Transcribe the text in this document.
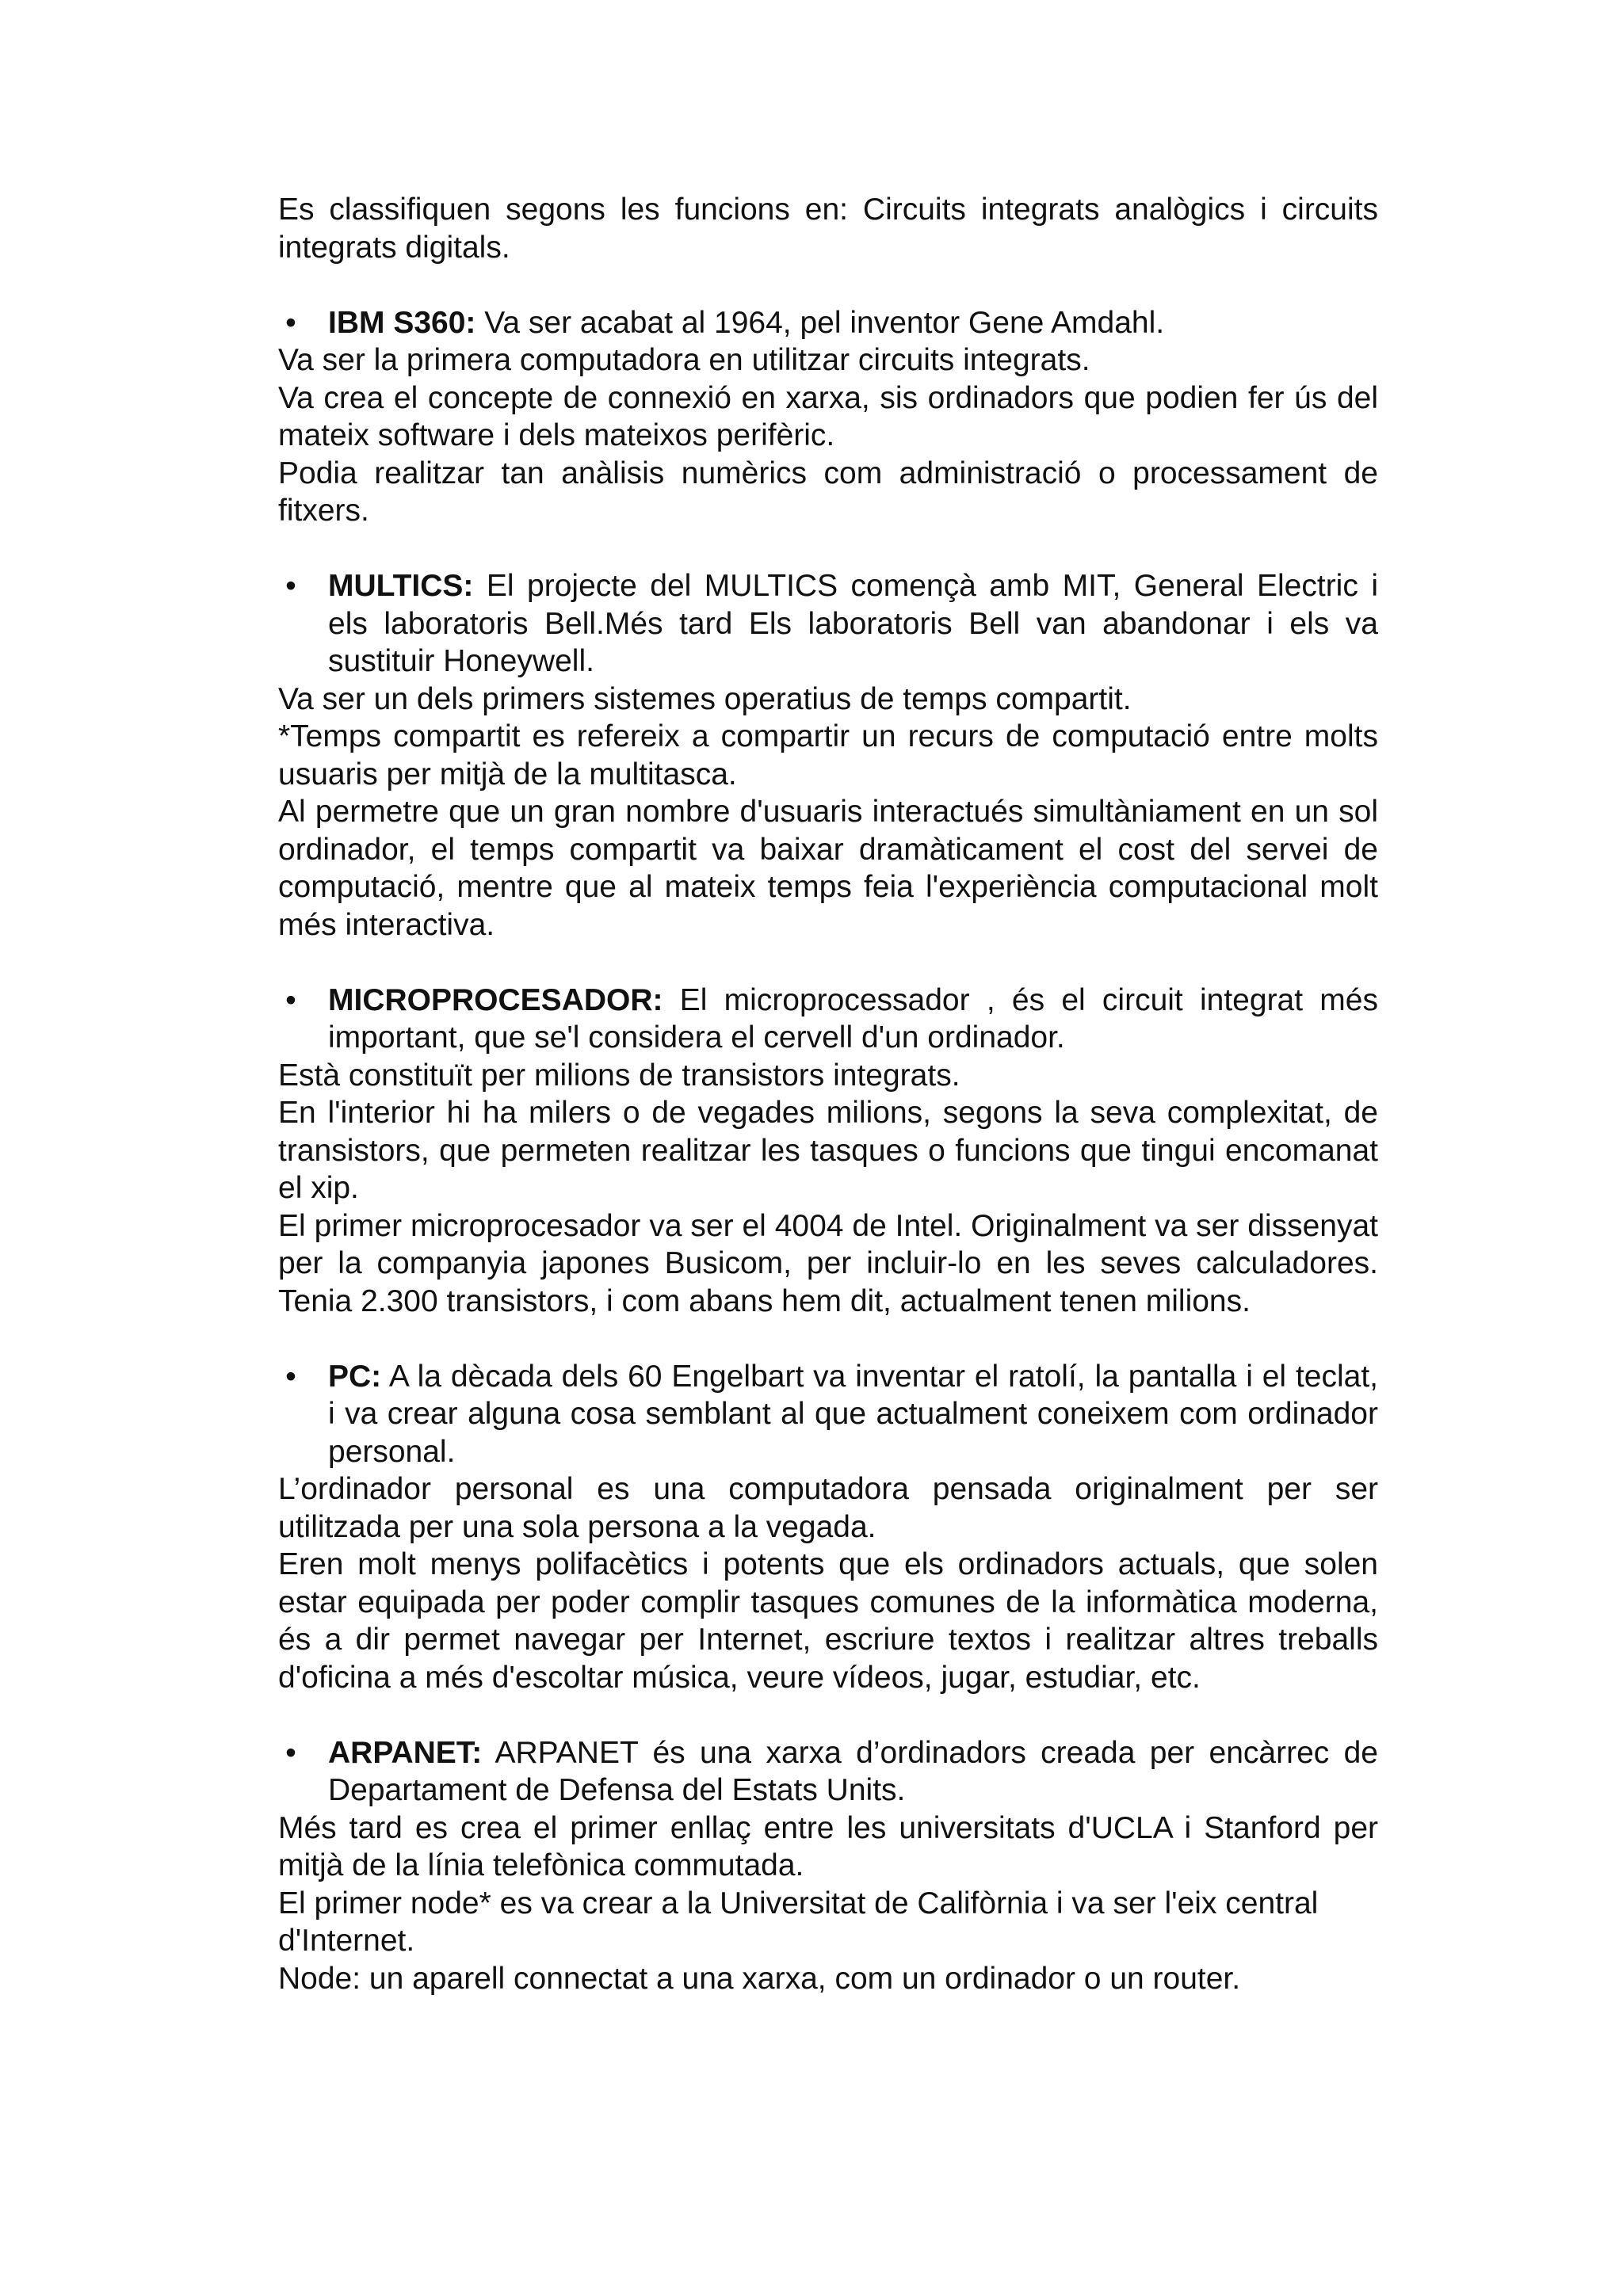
Es classifiquen segons les funcions en: Circuits integrats analògics i circuits integrats digitals.

• IBM S360: Va ser acabat al 1964, pel inventor Gene Amdahl.

Va ser la primera computadora en utilitzar circuits integrats.

Va crea el concepte de connexió en xarxa, sis ordinadors que podien fer ús del mateix software i dels mateixos perifèric.

Podia realitzar tan anàlisis numèrics com administració o processament de fitxers.

• MULTICS: El projecte del MULTICS començà amb MIT, General Electric i els laboratoris Bell.Més tard Els laboratoris Bell van abandonar i els va sustituir Honeywell.

Va ser un dels primers sistemes operatius de temps compartit.

*Temps compartit es refereix a compartir un recurs de computació entre molts usuaris per mitjà de la multitasca.

Al permetre que un gran nombre d'usuaris interactués simultàniament en un sol ordinador, el temps compartit va baixar dramàticament el cost del servei de computació, mentre que al mateix temps feia l'experiència computacional molt més interactiva.

• MICROPROCESADOR: El microprocessador , és el circuit integrat més important, que se'l considera el cervell d'un ordinador.

Està constituït per milions de transistors integrats.

En l'interior hi ha milers o de vegades milions, segons la seva complexitat, de transistors, que permeten realitzar les tasques o funcions que tingui encomanat el xip.

El primer microprocesador va ser el 4004 de Intel. Originalment va ser dissenyat per la companyia japones Busicom, per incluir-lo en les seves calculadores. Tenia 2.300 transistors, i com abans hem dit, actualment tenen milions.

• PC: A la dècada dels 60 Engelbart va inventar el ratolí, la pantalla i el teclat, i va crear alguna cosa semblant al que actualment coneixem com ordinador personal.

L’ordinador personal es una computadora pensada originalment per ser utilitzada per una sola persona a la vegada.

Eren molt menys polifacètics i potents que els ordinadors actuals, que solen estar equipada per poder complir tasques comunes de la informàtica moderna, és a dir permet navegar per Internet, escriure textos i realitzar altres treballs d'oficina a més d'escoltar música, veure vídeos, jugar, estudiar, etc.

• ARPANET: ARPANET és una xarxa d’ordinadors creada per encàrrec de Departament de Defensa del Estats Units.

Més tard es crea el primer enllaç entre les universitats d'UCLA i Stanford per mitjà de la línia telefònica commutada.

El primer node* es va crear a la Universitat de Califòrnia i va ser l'eix central d'Internet.

Node: un aparell connectat a una xarxa, com un ordinador o un router.
